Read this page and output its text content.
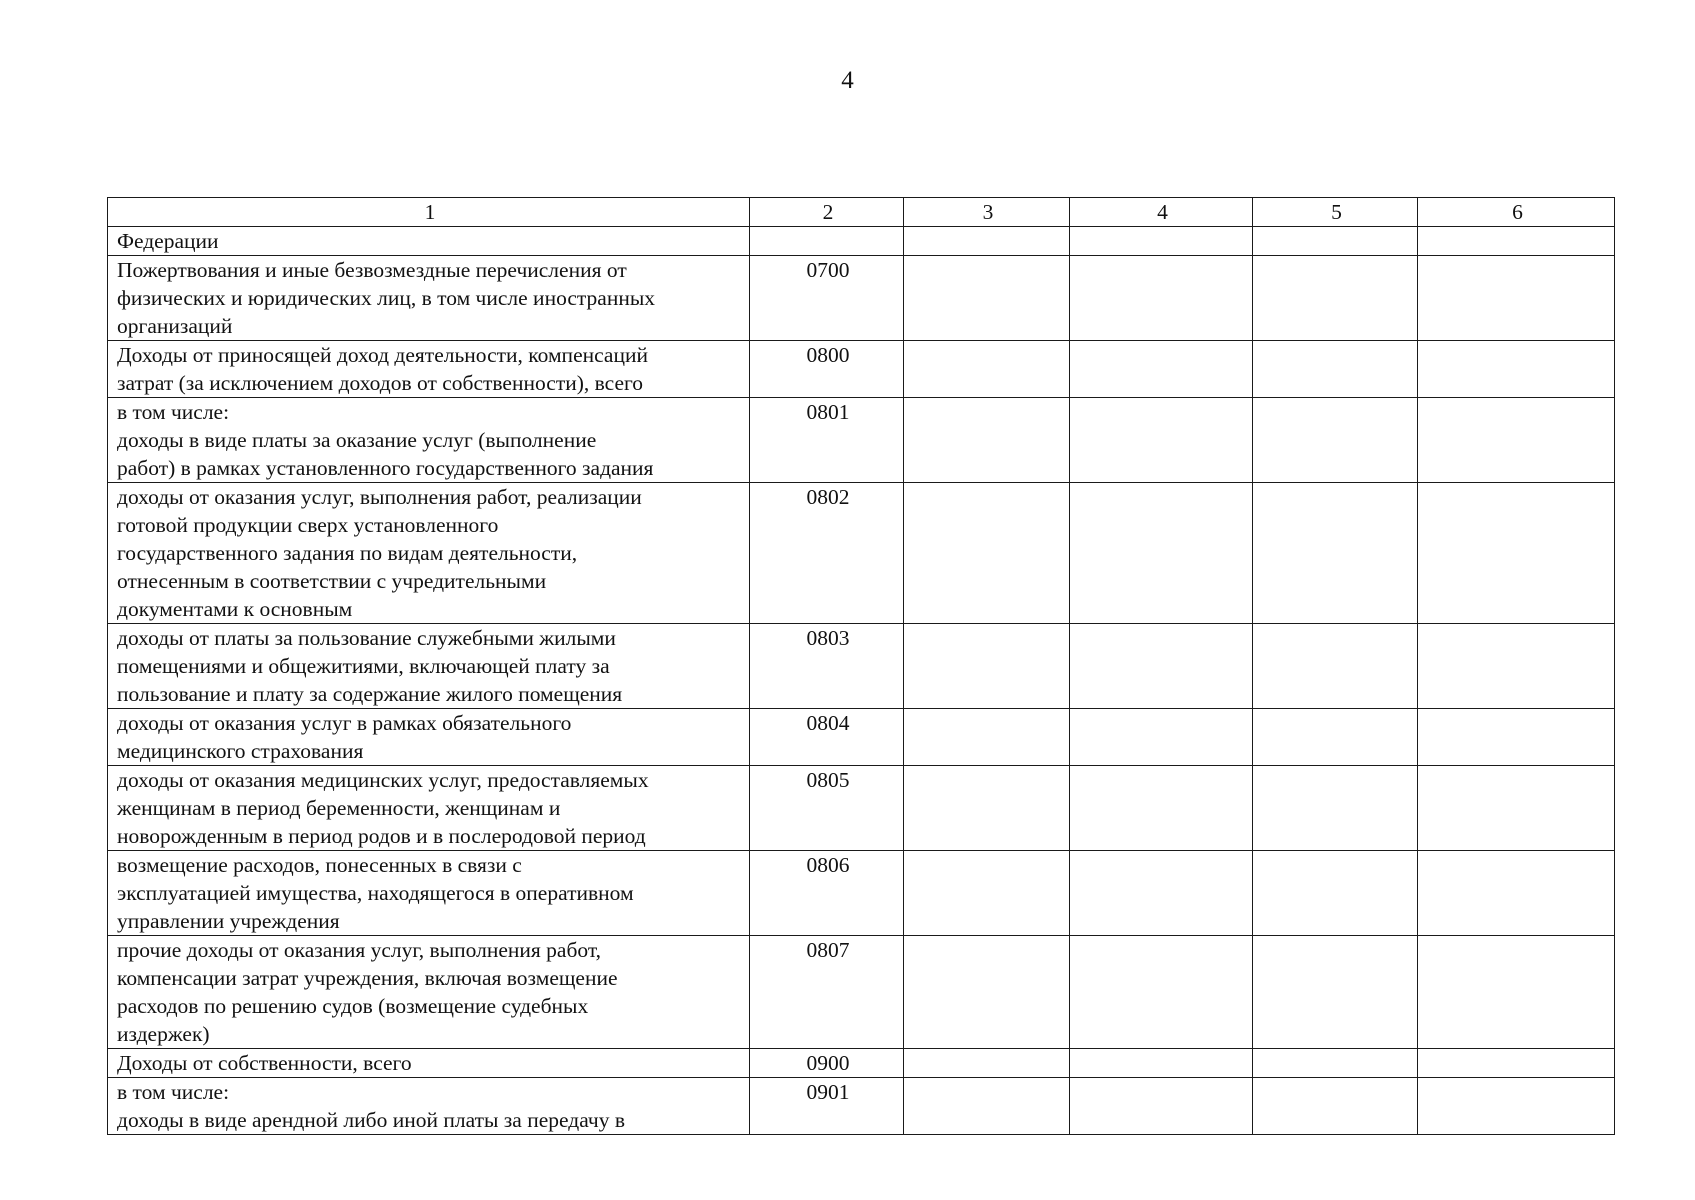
4
1	2	3	4	5	6
Федерации					
Пожертвования и иные безвозмездные перечисления от
физических и юридических лиц, в том числе иностранных
организаций	0700				
Доходы от приносящей доход деятельности, компенсаций
затрат (за исключением доходов от собственности), всего	0800				
в том числе:
доходы в виде платы за оказание услуг (выполнение
работ) в рамках установленного государственного задания	0801				
доходы от оказания услуг, выполнения работ, реализации
готовой продукции сверх установленного
государственного задания по видам деятельности,
отнесенным в соответствии с учредительными
документами к основным	0802				
доходы от платы за пользование служебными жилыми
помещениями и общежитиями, включающей плату за
пользование и плату за содержание жилого помещения	0803				
доходы от оказания услуг в рамках обязательного
медицинского страхования	0804				
доходы от оказания медицинских услуг, предоставляемых
женщинам в период беременности, женщинам и
новорожденным в период родов и в послеродовой период	0805				
возмещение расходов, понесенных в связи с
эксплуатацией имущества, находящегося в оперативном
управлении учреждения	0806				
прочие доходы от оказания услуг, выполнения работ,
компенсации затрат учреждения, включая возмещение
расходов по решению судов (возмещение судебных
издержек)	0807				
Доходы от собственности, всего	0900				
в том числе:
доходы в виде арендной либо иной платы за передачу в	0901				
